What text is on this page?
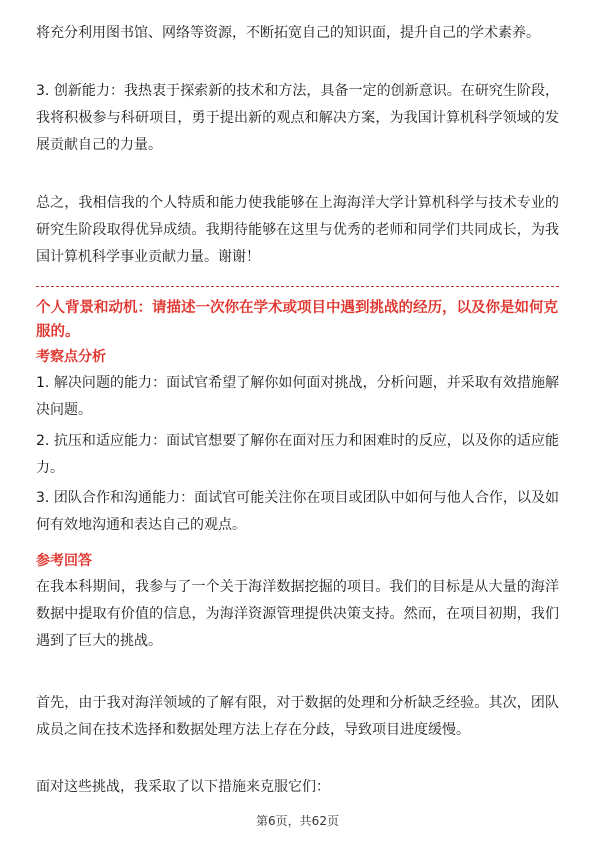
将充分利用图书馆、网络等资源，不断拓宽自己的知识面，提升自己的学术素养。

3. 创新能力：我热衷于探索新的技术和方法，具备一定的创新意识。在研究生阶段，我将积极参与科研项目，勇于提出新的观点和解决方案，为我国计算机科学领域的发展贡献自己的力量。

总之，我相信我的个人特质和能力使我能够在上海海洋大学计算机科学与技术专业的研究生阶段取得优异成绩。我期待能够在这里与优秀的老师和同学们共同成长，为我国计算机科学事业贡献力量。谢谢！

个人背景和动机：请描述一次你在学术或项目中遇到挑战的经历，以及你是如何克服的。

考察点分析

1. 解决问题的能力：面试官希望了解你如何面对挑战，分析问题，并采取有效措施解决问题。

2. 抗压和适应能力：面试官想要了解你在面对压力和困难时的反应，以及你的适应能力。

3. 团队合作和沟通能力：面试官可能关注你在项目或团队中如何与他人合作，以及如何有效地沟通和表达自己的观点。

参考回答

在我本科期间，我参与了一个关于海洋数据挖掘的项目。我们的目标是从大量的海洋数据中提取有价值的信息，为海洋资源管理提供决策支持。然而，在项目初期，我们遇到了巨大的挑战。

首先，由于我对海洋领域的了解有限，对于数据的处理和分析缺乏经验。其次，团队成员之间在技术选择和数据处理方法上存在分歧，导致项目进度缓慢。

面对这些挑战，我采取了以下措施来克服它们：

第6页，共62页
